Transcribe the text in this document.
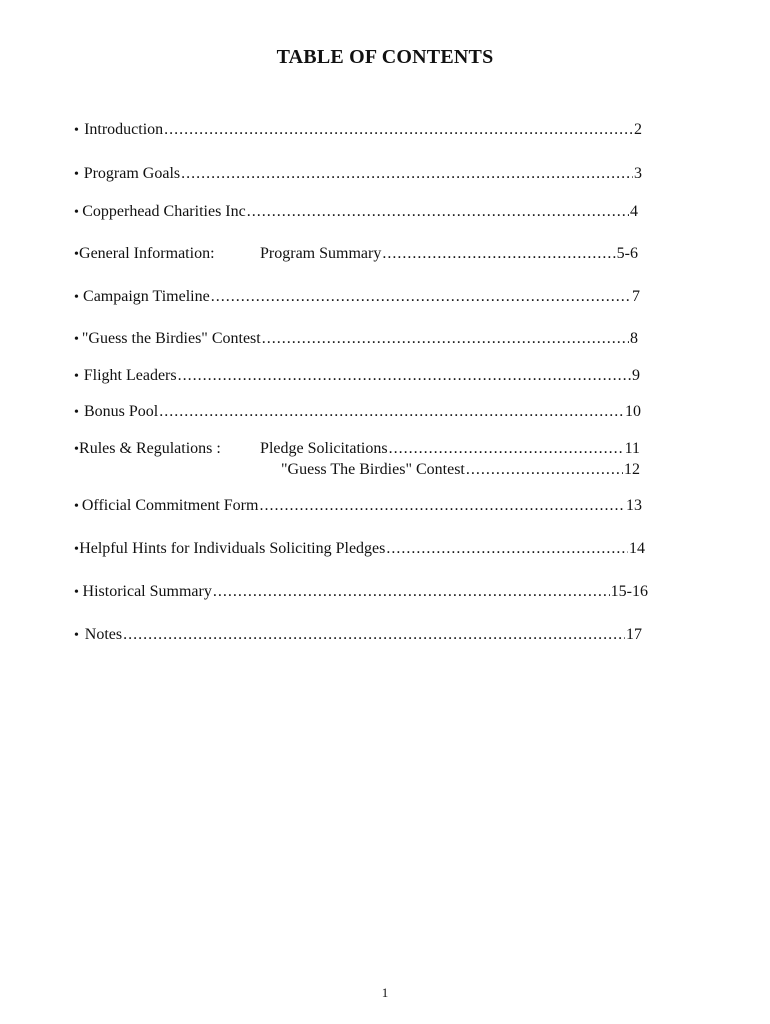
TABLE OF CONTENTS
• Introduction .....	2
• Program Goals .....	3
• Copperhead Charities Inc .....	4
• General Information:	Program Summary .....	5-6
• Campaign Timeline .....	7
• "Guess the Birdies" Contest .....	8
• Flight Leaders .....	9
• Bonus Pool .....	10
• Rules & Regulations :	Pledge Solicitations .....	11
"Guess The Birdies" Contest .....	12
• Official Commitment Form .....	13
• Helpful Hints for Individuals Soliciting Pledges .....	14
• Historical Summary .....	15-16
• Notes .....	17
1
